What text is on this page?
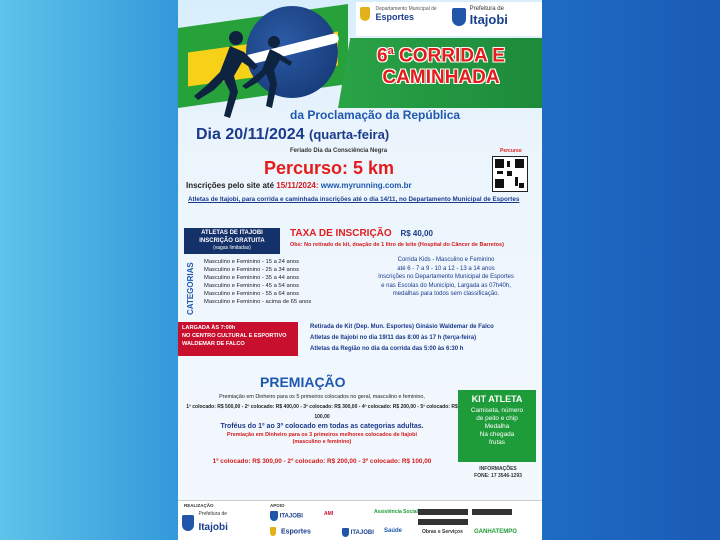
Departamento Municipal de
Esportes

Prefeitura de
Itajobi
6$^a$ CORRIDA E
CAMINHADA
da Proclamação da República
Dia 20/11/2024 (quarta-feira)
Feriado Dia da Consciência Negra
Percurso: 5 km
Percurso
Inscrições pelo site até 15/11/2024: www.myrunning.com.br
Atletas de Itajobi, para corrida e caminhada inscrições até o dia 14/11, no Departamento Municipal de Esportes
ATLETAS DE ITAJOBI
INSCRIÇÃO GRATUITA
(vagas limitadas)
CATEGORIAS
Masculino e Feminino - 15 a 24 anos
Masculino e Feminino - 25 a 34 anos
Masculino e Feminino - 35 a 44 anos
Masculino e Feminino - 45 a 54 anos
Masculino e Feminino - 55 a 64 anos
Masculino e Feminino - acima de 65 anos
TAXA DE INSCRIÇÃO R$ 40,00
Obs: No retirado de kit, doação de 1 litro de leite (Hospital do Câncer de Barretos)
Corrida Kids - Masculino e Feminino
até 6 - 7 a 9 - 10 a 12 - 13 a 14 anos
Inscrições no Departamento Municipal de Esportes
e nas Escolas do Município, Largada as 07h40h,
medalhas para todos sem classificação.
LARGADA ÀS 7:00h
NO CENTRO CULTURAL E ESPORTIVO
WALDEMAR DE FALCO
Retirada de Kit (Dep. Mun. Esportes) Ginásio Waldemar de Falco
Atletas de Itajobi no dia 19/11 das 8:00 às 17 h (terça-feira)
Atletas da Região no dia da corrida das 5:00 às 6:30 h
PREMIAÇÃO
Premiação em Dinheiro para os 5 primeiros colocados no geral, masculino e feminino,
1º colocado: R$ 500,00 - 2º colocado: R$ 400,00 - 3º colocado: R$ 300,00 - 4º colocado: R$ 200,00 - 5º colocado: R$ 100,00
Troféus do 1º ao 3º colocado em todas as categorias adultas.
Premiação em Dinheiro para os 3 primeiros melhores colocados de Itajobi
(masculino e feminino)
1º colocado: R$ 300,00 - 2º colocado: R$ 200,00 - 3º colocado: R$ 100,00
KIT ATLETA
Camiseta, número
de peito e chip
Medalha
Na chegada
frutas
INFORMAÇÕES
FONE: 17 3546-1293
REALIZAÇÃO

Prefeitura de
Itajobi
APOIO
ITAJOBI
Esportes
AMI
ITAJOBI
Assistência Social
Saúde	Obras e Serviços GANHATEMPO
